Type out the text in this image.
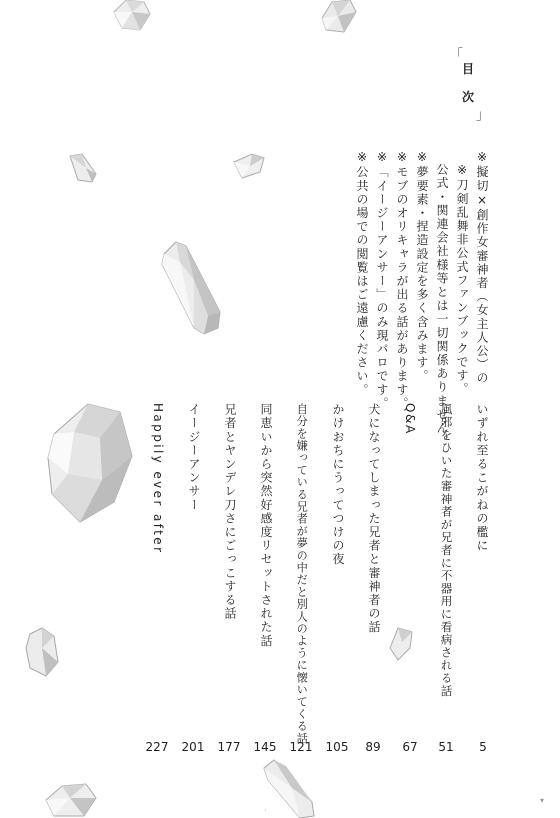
「
目
次
」
※擬切×創作女審神者（女主人公）の
※刀剣乱舞非公式ファンブックです。
公式・関連会社様等とは一切関係ありません。
※夢要素・捏造設定を多く含みます。
※モブのオリキャラが出る話があります。
※「イージーアンサー」のみ現パロです。
※公共の場での閲覧はご遠慮ください。
いずれ至るこがねの檻に
風邪をひいた審神者が兄者に不器用に看病される話
Q&A
犬になってしまった兄者と審神者の話
かけおちにうってつけの夜
自分を嫌っている兄者が夢の中だと別人のように懐いてくる話
同恵いから突然好感度リセットされた話
兄者とヤンデレ刀さにごっこする話
イージーアンサー
Happily ever after
5
51
67
89
105
121
145
177
201
227
▾
·
